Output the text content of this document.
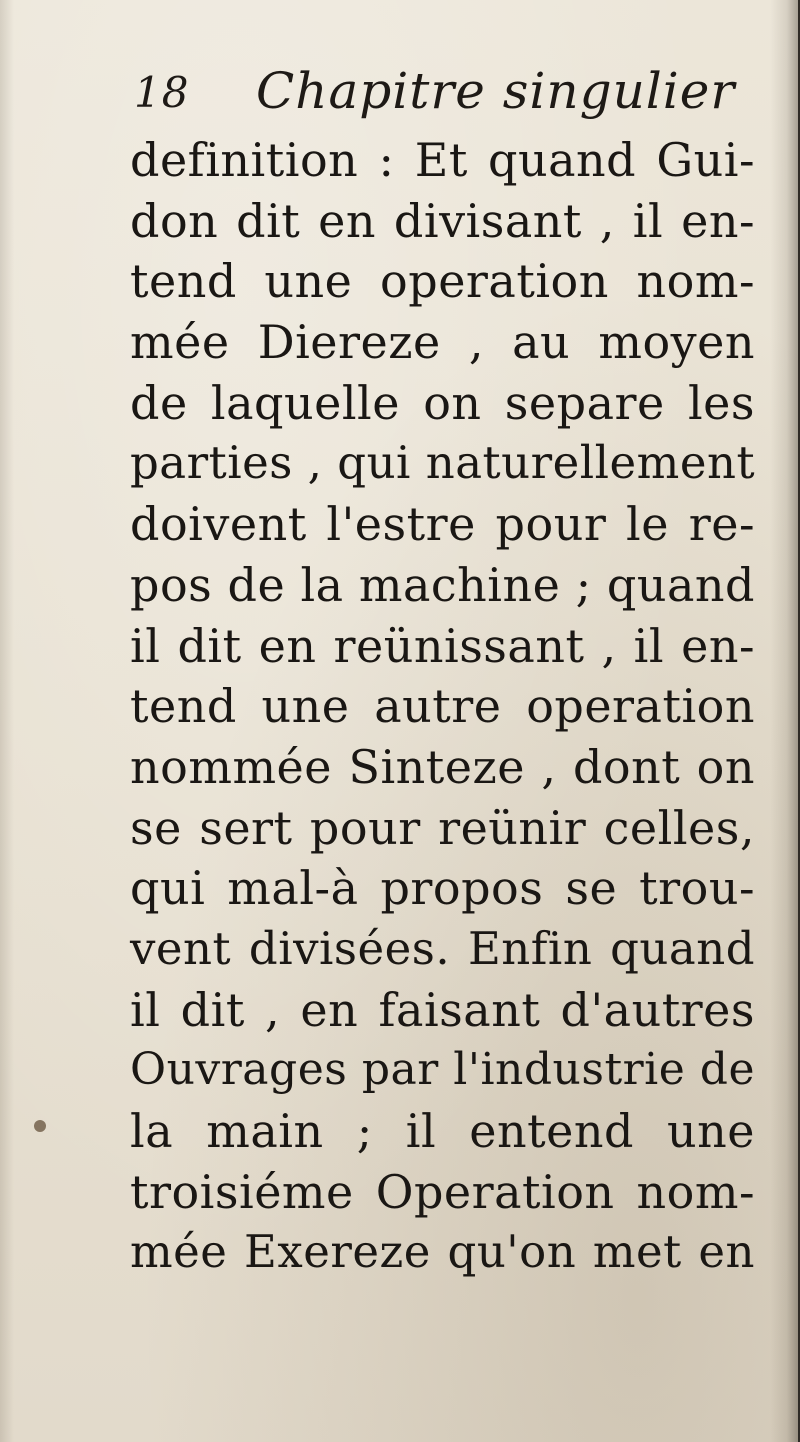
18 Chapitre singulier
definition : Et quand Gui-
don dit en divisant , il en-
tend une operation nom-
mée Diereze , au moyen
de laquelle on separe les
parties , qui naturellement
doivent l'estre pour le re-
pos de la machine ; quand
il dit en reünissant , il en-
tend une autre operation
nommée Sinteze , dont on
se sert pour reünir celles,
qui mal-à propos se trou-
vent divisées. Enfin quand
il dit , en faisant d'autres
Ouvrages par l'industrie de
la main ; il entend une
troisiéme Operation nom-
mée Exereze qu'on met en
